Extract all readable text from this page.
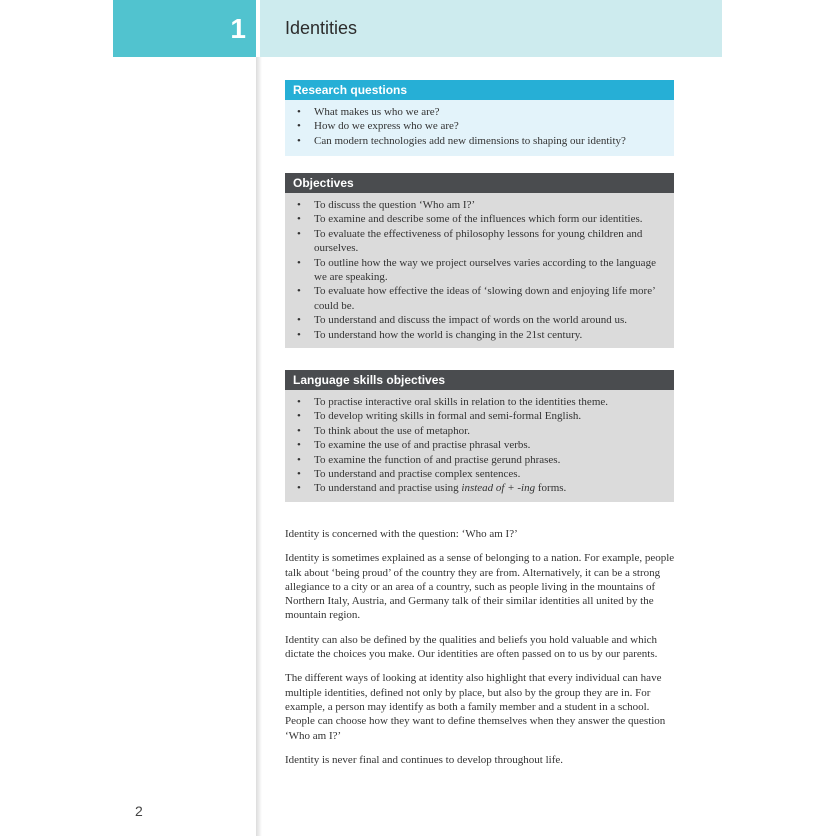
1	Identities
Research questions
• What makes us who we are?
• How do we express who we are?
• Can modern technologies add new dimensions to shaping our identity?
Objectives
• To discuss the question ‘Who am I?’
• To examine and describe some of the influences which form our identities.
• To evaluate the effectiveness of philosophy lessons for young children and ourselves.
• To outline how the way we project ourselves varies according to the language we are speaking.
• To evaluate how effective the ideas of ‘slowing down and enjoying life more’ could be.
• To understand and discuss the impact of words on the world around us.
• To understand how the world is changing in the 21st century.
Language skills objectives
• To practise interactive oral skills in relation to the identities theme.
• To develop writing skills in formal and semi-formal English.
• To think about the use of metaphor.
• To examine the use of and practise phrasal verbs.
• To examine the function of and practise gerund phrases.
• To understand and practise complex sentences.
• To understand and practise using instead of + -ing forms.

Identity is concerned with the question: ‘Who am I?’

Identity is sometimes explained as a sense of belonging to a nation. For example, people talk about ‘being proud’ of the country they are from. Alternatively, it can be a strong allegiance to a city or an area of a country, such as people living in the mountains of Northern Italy, Austria, and Germany talk of their similar identities all united by the mountain region.

Identity can also be defined by the qualities and beliefs you hold valuable and which dictate the choices you make. Our identities are often passed on to us by our parents.

The different ways of looking at identity also highlight that every individual can have multiple identities, defined not only by place, but also by the group they are in. For example, a person may identify as both a family member and a student in a school. People can choose how they want to define themselves when they answer the question ‘Who am I?’

Identity is never final and continues to develop throughout life.

2
